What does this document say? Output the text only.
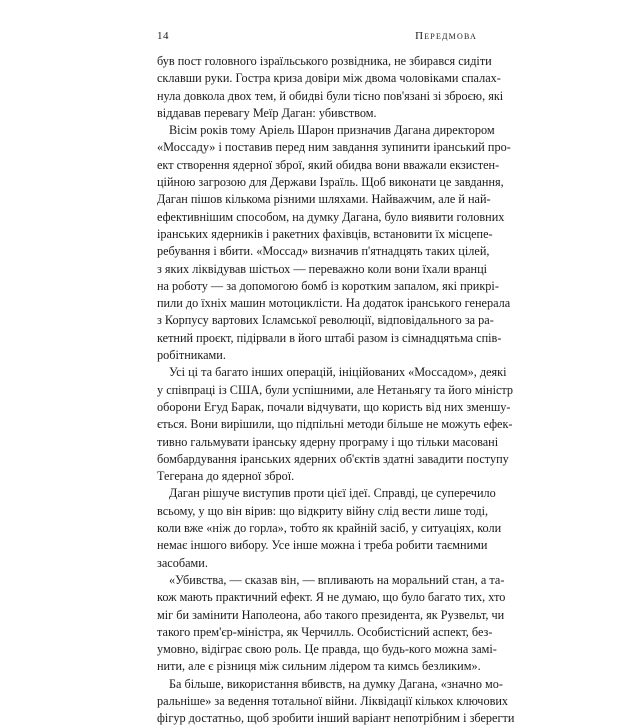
14	Передмова

був пост головного ізраїльського розвідника, не збирався сидіти
склавши руки. Гостра криза довіри між двома чоловіками спалах-
нула довкола двох тем, й обидві були тісно пов'язані зі зброєю, які
віддавав перевагу Меїр Даган: убивством.

Вісім років тому Аріель Шарон призначив Дагана директором
«Моссаду» і поставив перед ним завдання зупинити іранський про-
ект створення ядерної зброї, який обидва вони вважали екзистен-
ційною загрозою для Держави Ізраїль. Щоб виконати це завдання,
Даган пішов кількома різними шляхами. Найважчим, але й най-
ефективнішим способом, на думку Дагана, було виявити головних
іранських ядерників і ракетних фахівців, встановити їх місцепе-
ребування і вбити. «Моссад» визначив п'ятнадцять таких цілей,
з яких ліквідував шістьох — переважно коли вони їхали вранці
на роботу — за допомогою бомб із коротким запалом, які прикрі-
пили до їхніх машин мотоциклісти. На додаток іранського генерала
з Корпусу вартових Ісламської революції, відповідального за ра-
кетний проєкт, підірвали в його штабі разом із сімнадцятьма спів-
робітниками.

Усі ці та багато інших операцій, ініційованих «Моссадом», деякі
у співпраці із США, були успішними, але Нетаньягу та його міністр
оборони Егуд Барак, почали відчувати, що користь від них зменшу-
ється. Вони вирішили, що підпільні методи більше не можуть ефек-
тивно гальмувати іранську ядерну програму і що тільки масовані
бомбардування іранських ядерних об'єктів здатні завадити поступу
Тегерана до ядерної зброї.

Даган рішуче виступив проти цієї ідеї. Справді, це суперечило
всьому, у що він вірив: що відкриту війну слід вести лише тоді,
коли вже «ніж до горла», тобто як крайній засіб, у ситуаціях, коли
немає іншого вибору. Усе інше можна і треба робити таємними
засобами.

«Убивства, — сказав він, — впливають на моральний стан, а та-
кож мають практичний ефект. Я не думаю, що було багато тих, хто
міг би замінити Наполеона, або такого президента, як Рузвельт, чи
такого прем'єр-міністра, як Черчилль. Особистісний аспект, без-
умовно, відіграє свою роль. Це правда, що будь-кого можна замі-
нити, але є різниця між сильним лідером та кимсь безликим».

Ба більше, використання вбивств, на думку Дагана, «значно мо-
ральніше» за ведення тотальної війни. Ліквідації кількох ключових
фігур достатньо, щоб зробити інший варіант непотрібним і зберегти
